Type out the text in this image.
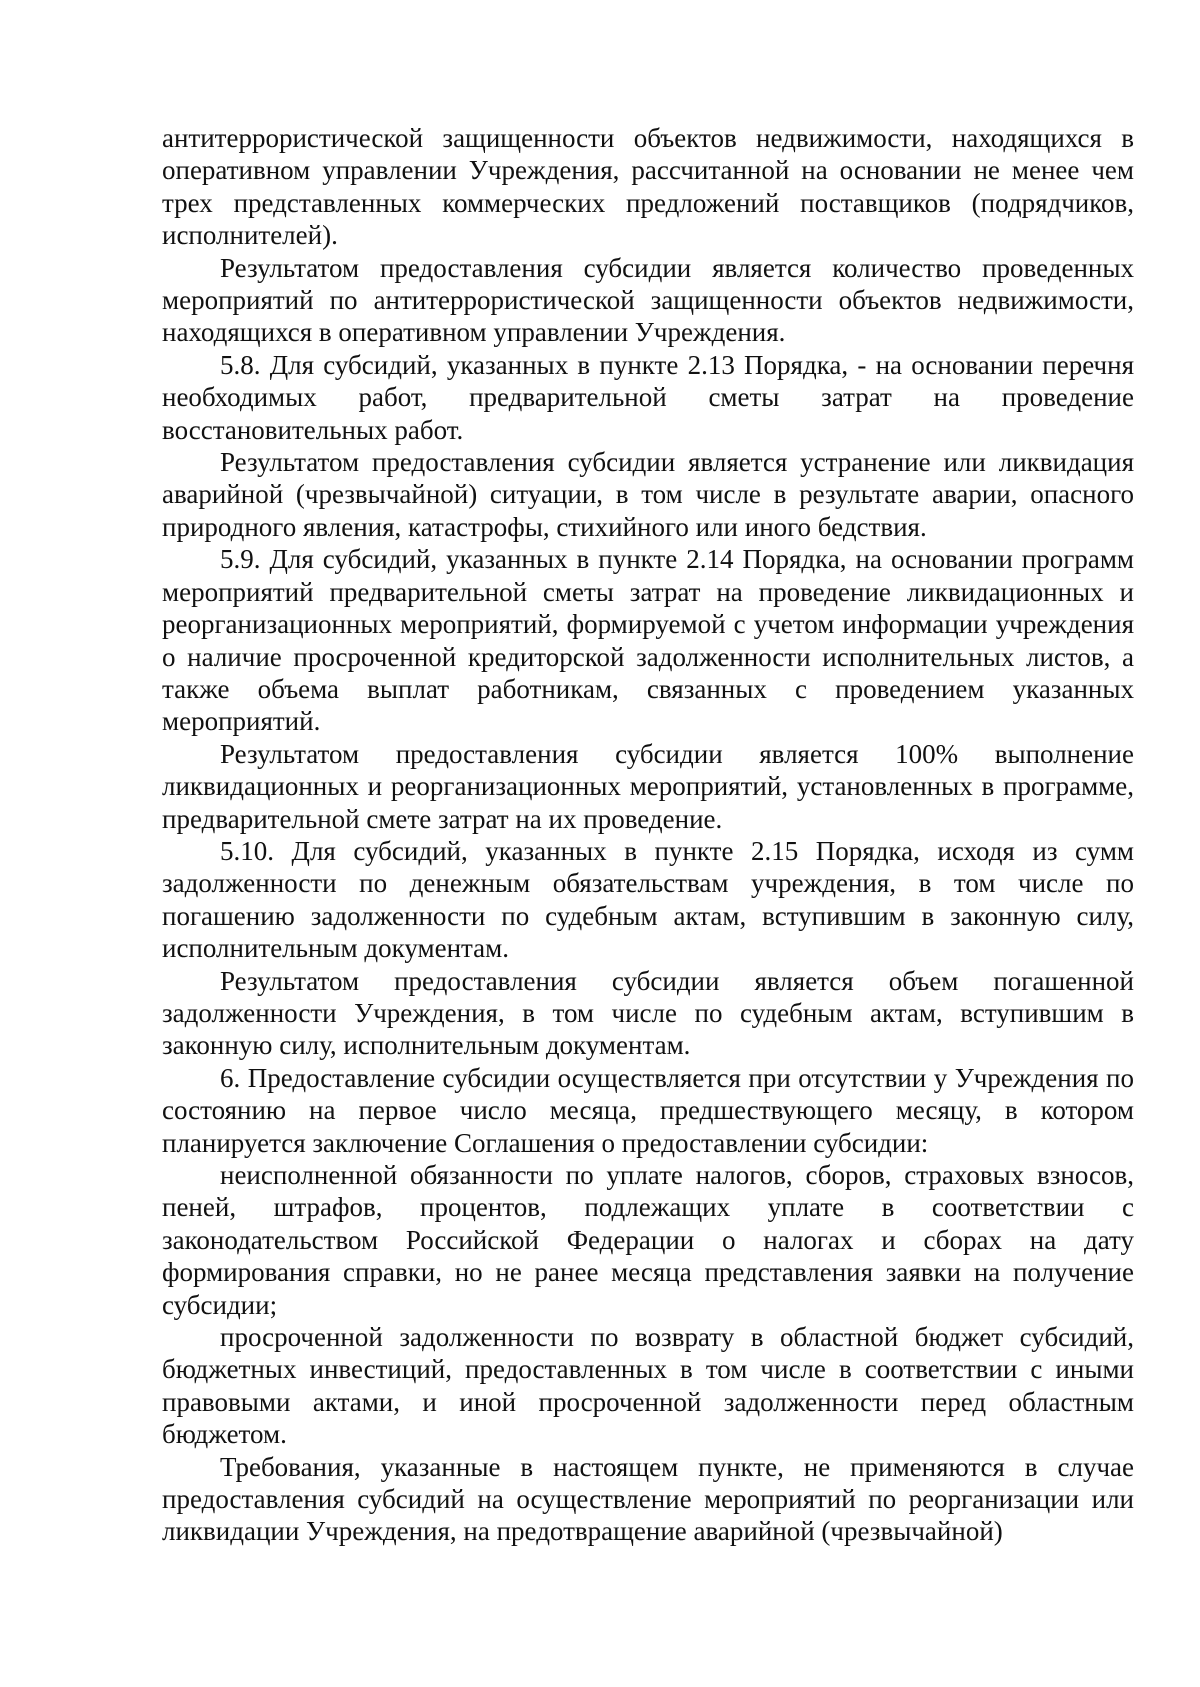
антитеррористической защищенности объектов недвижимости, находящихся в оперативном управлении Учреждения, рассчитанной на основании не менее чем трех представленных коммерческих предложений поставщиков (подрядчиков, исполнителей).

Результатом предоставления субсидии является количество проведенных мероприятий по антитеррористической защищенности объектов недвижимости, находящихся в оперативном управлении Учреждения.

5.8. Для субсидий, указанных в пункте 2.13 Порядка, - на основании перечня необходимых работ, предварительной сметы затрат на проведение восстановительных работ.

Результатом предоставления субсидии является устранение или ликвидация аварийной (чрезвычайной) ситуации, в том числе в результате аварии, опасного природного явления, катастрофы, стихийного или иного бедствия.

5.9. Для субсидий, указанных в пункте 2.14 Порядка, на основании программ мероприятий предварительной сметы затрат на проведение ликвидационных и реорганизационных мероприятий, формируемой с учетом информации учреждения о наличие просроченной кредиторской задолженности исполнительных листов, а также объема выплат работникам, связанных с проведением указанных мероприятий.

Результатом предоставления субсидии является 100% выполнение ликвидационных и реорганизационных мероприятий, установленных в программе, предварительной смете затрат на их проведение.

5.10. Для субсидий, указанных в пункте 2.15 Порядка, исходя из сумм задолженности по денежным обязательствам учреждения, в том числе по погашению задолженности по судебным актам, вступившим в законную силу, исполнительным документам.

Результатом предоставления субсидии является объем погашенной задолженности Учреждения, в том числе по судебным актам, вступившим в законную силу, исполнительным документам.

6. Предоставление субсидии осуществляется при отсутствии у Учреждения по состоянию на первое число месяца, предшествующего месяцу, в котором планируется заключение Соглашения о предоставлении субсидии:

неисполненной обязанности по уплате налогов, сборов, страховых взносов, пеней, штрафов, процентов, подлежащих уплате в соответствии с законодательством Российской Федерации о налогах и сборах на дату формирования справки, но не ранее месяца представления заявки на получение субсидии;

просроченной задолженности по возврату в областной бюджет субсидий, бюджетных инвестиций, предоставленных в том числе в соответствии с иными правовыми актами, и иной просроченной задолженности перед областным бюджетом.

Требования, указанные в настоящем пункте, не применяются в случае предоставления субсидий на осуществление мероприятий по реорганизации или ликвидации Учреждения, на предотвращение аварийной (чрезвычайной)
